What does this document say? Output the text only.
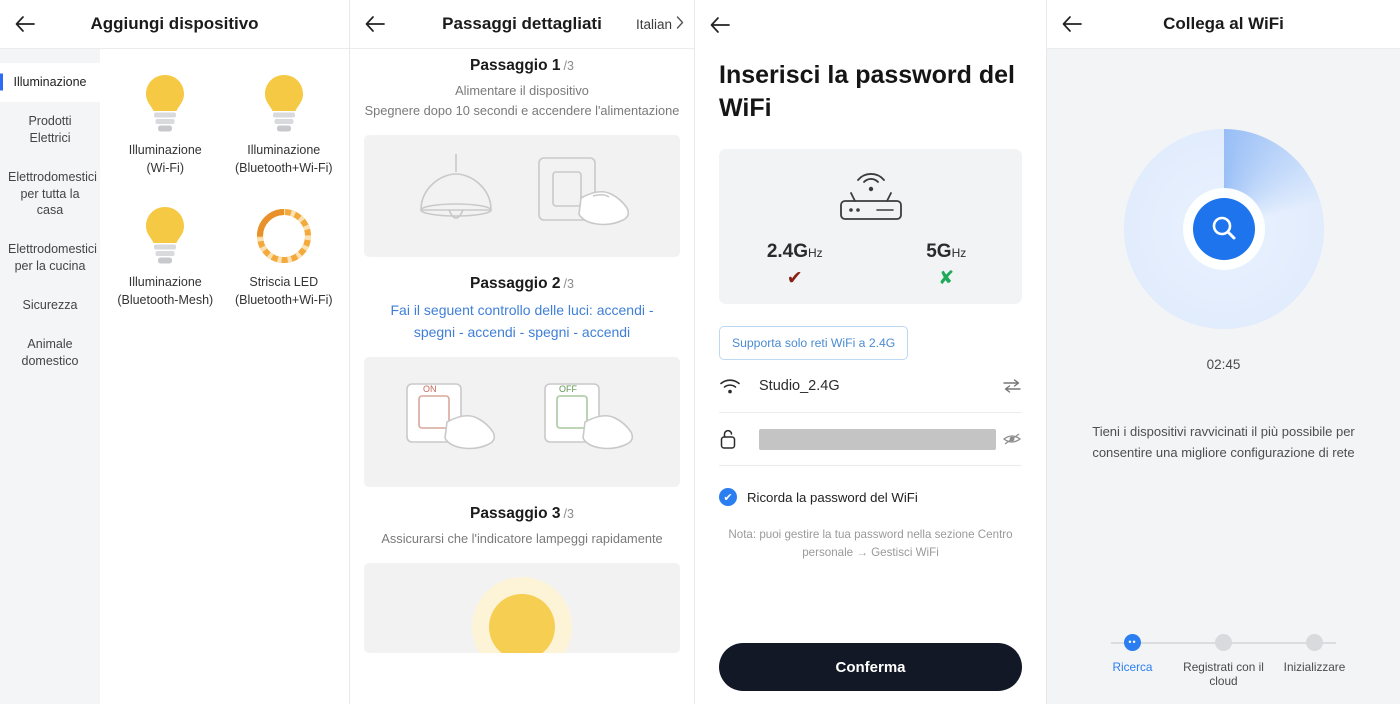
Aggiungi dispositivo
Illuminazione
Prodotti Elettrici
Elettrodomestici per tutta la casa
Elettrodomestici per la cucina
Sicurezza
Animale domestico
Illuminazione
(Wi-Fi)
Illuminazione
(Bluetooth+Wi-Fi)
Illuminazione
(Bluetooth-Mesh)
Striscia LED
(Bluetooth+Wi-Fi)
Passaggi dettagliati	Italian
Passaggio 1 /3
Alimentare il dispositivo
Spegnere dopo 10 secondi e accendere l'alimentazione
Passaggio 2 /3
Fai il seguent controllo delle luci: accendi -
spegni - accendi - spegni - accendi
ON	OFF
Passaggio 3 /3
Assicurarsi che l'indicatore lampeggi rapidamente
Inserisci la password del
WiFi
2.4GHz
✔
5GHz
✘
Supporta solo reti WiFi a 2.4G
Studio_2.4G
✔	Ricorda la password del WiFi
Nota: puoi gestire la tua password nella sezione Centro personale → Gestisci WiFi
Conferma
Collega al WiFi
02:45
Tieni i dispositivi ravvicinati il più possibile per consentire una migliore configurazione di rete
••
Ricerca	Registrati con il cloud
Inizializzare
